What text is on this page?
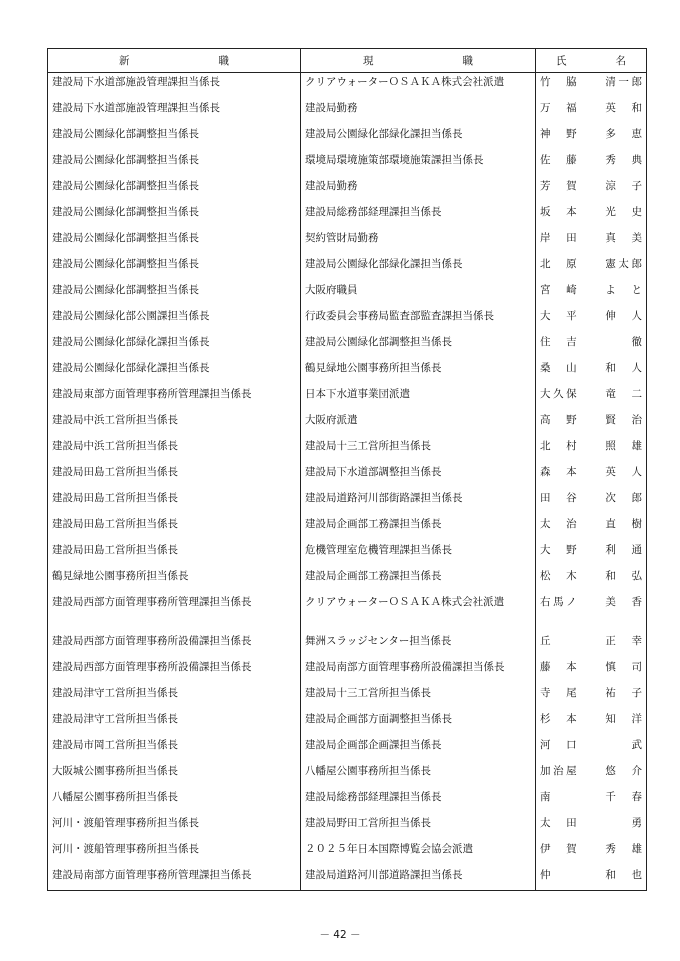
新 職	現 職	氏 名

建設局下水道部施設管理課担当係長	クリアウォーターＯＳＡＫＡ株式会社派遣	竹　脇　　清一郎

建設局下水道部施設管理課担当係長	建設局勤務	万　福　　英　和

建設局公園緑化部調整担当係長	建設局公園緑化部緑化課担当係長	神　野　　多　恵

建設局公園緑化部調整担当係長	環境局環境施策部環境施策課担当係長	佐　藤　　秀　典

建設局公園緑化部調整担当係長	建設局勤務	芳　賀　　涼　子

建設局公園緑化部調整担当係長	建設局総務部経理課担当係長	坂　本　　光　史

建設局公園緑化部調整担当係長	契約管財局勤務	岸　田　　真　美

建設局公園緑化部調整担当係長	建設局公園緑化部緑化課担当係長	北　原　　憲太郎

建設局公園緑化部調整担当係長	大阪府職員	宮　崎　　よ　と

建設局公園緑化部公園課担当係長	行政委員会事務局監査部監査課担当係長	大　平　　伸　人

建設局公園緑化部緑化課担当係長	建設局公園緑化部調整担当係長	住　吉　　　　徹

建設局公園緑化部緑化課担当係長	鶴見緑地公園事務所担当係長	桑　山　　和　人

建設局東部方面管理事務所管理課担当係長	日本下水道事業団派遣	大久保　　竜　二

建設局中浜工営所担当係長	大阪府派遣	高　野　　賢　治

建設局中浜工営所担当係長	建設局十三工営所担当係長	北　村　　照　雄

建設局田島工営所担当係長	建設局下水道部調整担当係長	森　本　　英　人

建設局田島工営所担当係長	建設局道路河川部街路課担当係長	田　谷　　次　郎

建設局田島工営所担当係長	建設局企画部工務課担当係長	太　治　　直　樹

建設局田島工営所担当係長	危機管理室危機管理課担当係長	大　野　　利　通

鶴見緑地公園事務所担当係長	建設局企画部工務課担当係長	松　木　　和　弘

建設局西部方面管理事務所管理課担当係長	クリアウォーターＯＳＡＫＡ株式会社派遣	右馬ノ　　美　香

建設局西部方面管理事務所設備課担当係長	舞洲スラッジセンター担当係長	丘　　　　正　幸

建設局西部方面管理事務所設備課担当係長	建設局南部方面管理事務所設備課担当係長	藤　本　　慎　司

建設局津守工営所担当係長	建設局十三工営所担当係長	寺　尾　　祐　子

建設局津守工営所担当係長	建設局企画部方面調整担当係長	杉　本　　知　洋

建設局市岡工営所担当係長	建設局企画部企画課担当係長	河　口　　　　武

大阪城公園事務所担当係長	八幡屋公園事務所担当係長	加治屋　　悠　介

八幡屋公園事務所担当係長	建設局総務部経理課担当係長	南　　　　千　春

河川・渡船管理事務所担当係長	建設局野田工営所担当係長	太　田　　　　勇

河川・渡船管理事務所担当係長	２０２５年日本国際博覧会協会派遣	伊　賀　　秀　雄

建設局南部方面管理事務所管理課担当係長	建設局道路河川部道路課担当係長	仲　　　　和　也
－ 42 －
